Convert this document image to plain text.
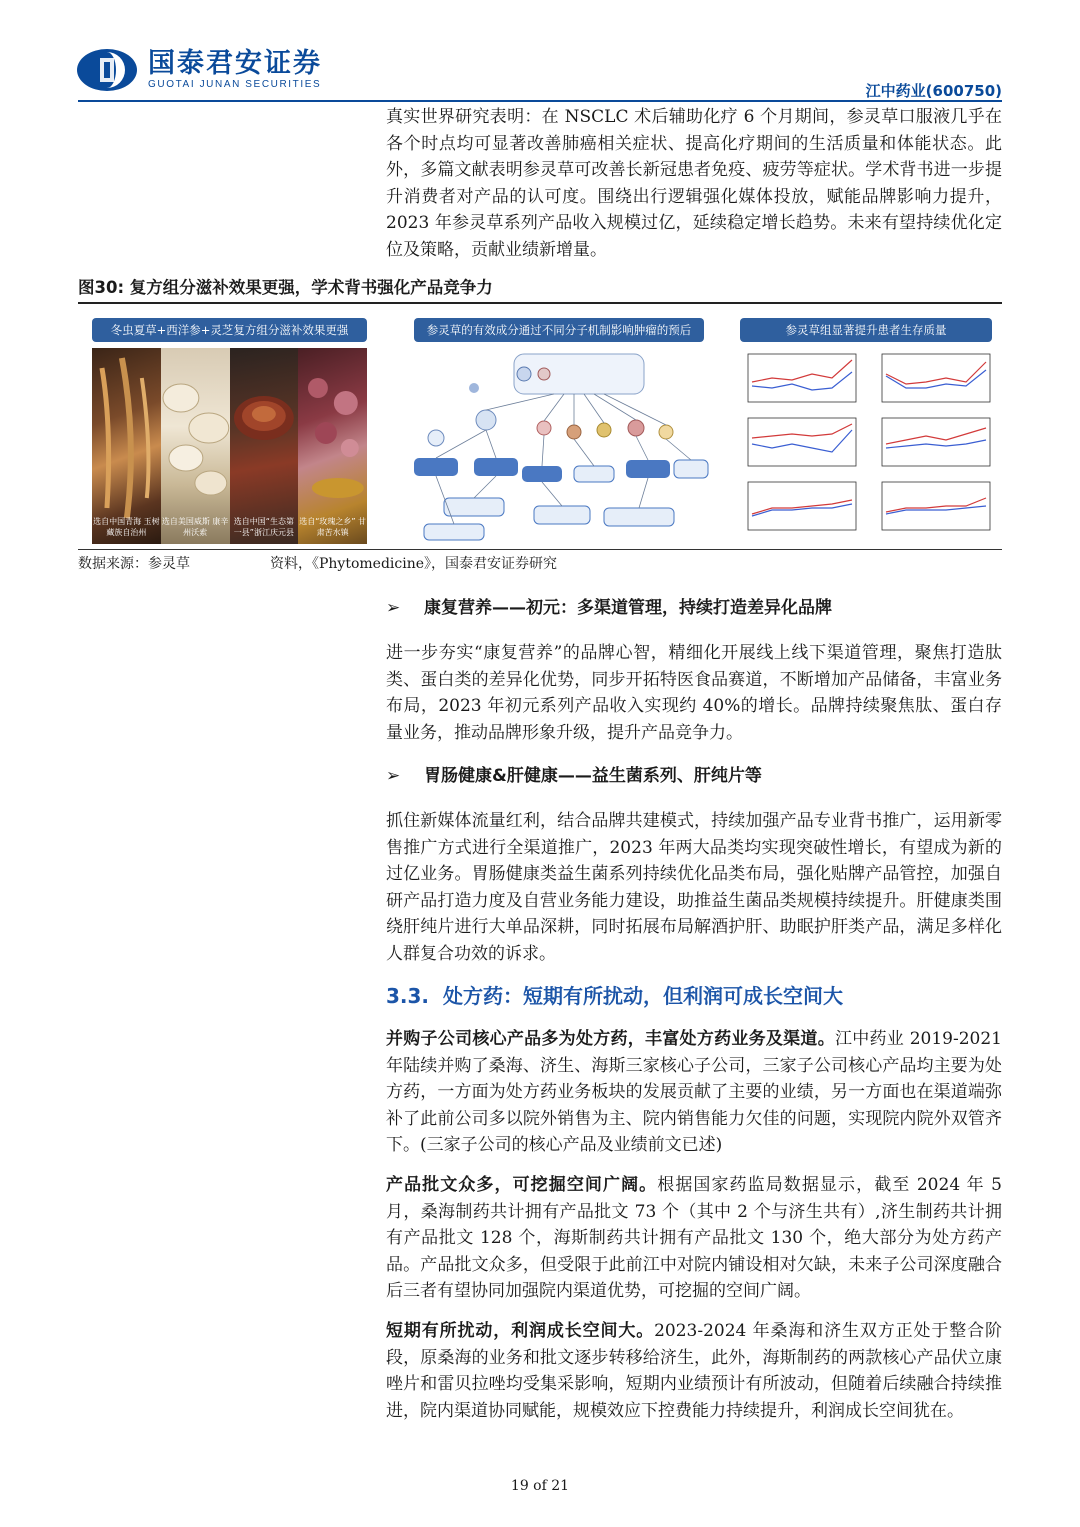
国泰君安证券
GUOTAI JUNAN SECURITIES	江中药业(600750)
真实世界研究表明：在 NSCLC 术后辅助化疗 6 个月期间，参灵草口服液几乎在各个时点均可显著改善肺癌相关症状、提高化疗期间的生活质量和体能状态。此外，多篇文献表明参灵草可改善长新冠患者免疫、疲劳等症状。学术背书进一步提升消费者对产品的认可度。围绕出行逻辑强化媒体投放，赋能品牌影响力提升，2023 年参灵草系列产品收入规模过亿，延续稳定增长趋势。未来有望持续优化定位及策略，贡献业绩新增量。
图30: 复方组分滋补效果更强，学术背书强化产品竞争力
冬虫夏草+西洋参+灵芝复方组分滋补效果更强	参灵草的有效成分通过不同分子机制影响肿瘤的预后	参灵草组显著提升患者生存质量
选自中国青海 玉树藏族自治州
选自美国威斯 康辛州沃索
选自中国“生态第 一县”浙江庆元县
选自“玫瑰之乡” 甘肃苦水镇
数据来源：参灵草	资料，《Phytomedicine》，国泰君安证券研究
➢ 康复营养——初元：多渠道管理，持续打造差异化品牌
进一步夯实“康复营养”的品牌心智，精细化开展线上线下渠道管理，聚焦打造肽类、蛋白类的差异化优势，同步开拓特医食品赛道，不断增加产品储备，丰富业务布局，2023 年初元系列产品收入实现约 40%的增长。品牌持续聚焦肽、蛋白存量业务，推动品牌形象升级，提升产品竞争力。
➢ 胃肠健康&肝健康——益生菌系列、肝纯片等
抓住新媒体流量红利，结合品牌共建模式，持续加强产品专业背书推广，运用新零售推广方式进行全渠道推广，2023 年两大品类均实现突破性增长，有望成为新的过亿业务。胃肠健康类益生菌系列持续优化品类布局，强化贴牌产品管控，加强自研产品打造力度及自营业务能力建设，助推益生菌品类规模持续提升。肝健康类围绕肝纯片进行大单品深耕，同时拓展布局解酒护肝、助眠护肝类产品，满足多样化人群复合功效的诉求。
3.3. 处方药：短期有所扰动，但利润可成长空间大
并购子公司核心产品多为处方药，丰富处方药业务及渠道。江中药业 2019-2021 年陆续并购了桑海、济生、海斯三家核心子公司，三家子公司核心产品均主要为处方药，一方面为处方药业务板块的发展贡献了主要的业绩，另一方面也在渠道端弥补了此前公司多以院外销售为主、院内销售能力欠佳的问题，实现院内院外双管齐下。(三家子公司的核心产品及业绩前文已述)
产品批文众多，可挖掘空间广阔。根据国家药监局数据显示，截至 2024 年 5 月，桑海制药共计拥有产品批文 73 个（其中 2 个与济生共有）,济生制药共计拥有产品批文 128 个，海斯制药共计拥有产品批文 130 个，绝大部分为处方药产品。产品批文众多，但受限于此前江中对院内铺设相对欠缺，未来子公司深度融合后三者有望协同加强院内渠道优势，可挖掘的空间广阔。
短期有所扰动，利润成长空间大。2023-2024 年桑海和济生双方正处于整合阶段，原桑海的业务和批文逐步转移给济生，此外，海斯制药的两款核心产品伏立康唑片和雷贝拉唑均受集采影响，短期内业绩预计有所波动，但随着后续融合持续推进，院内渠道协同赋能，规模效应下控费能力持续提升，利润成长空间犹在。
19 of 21
